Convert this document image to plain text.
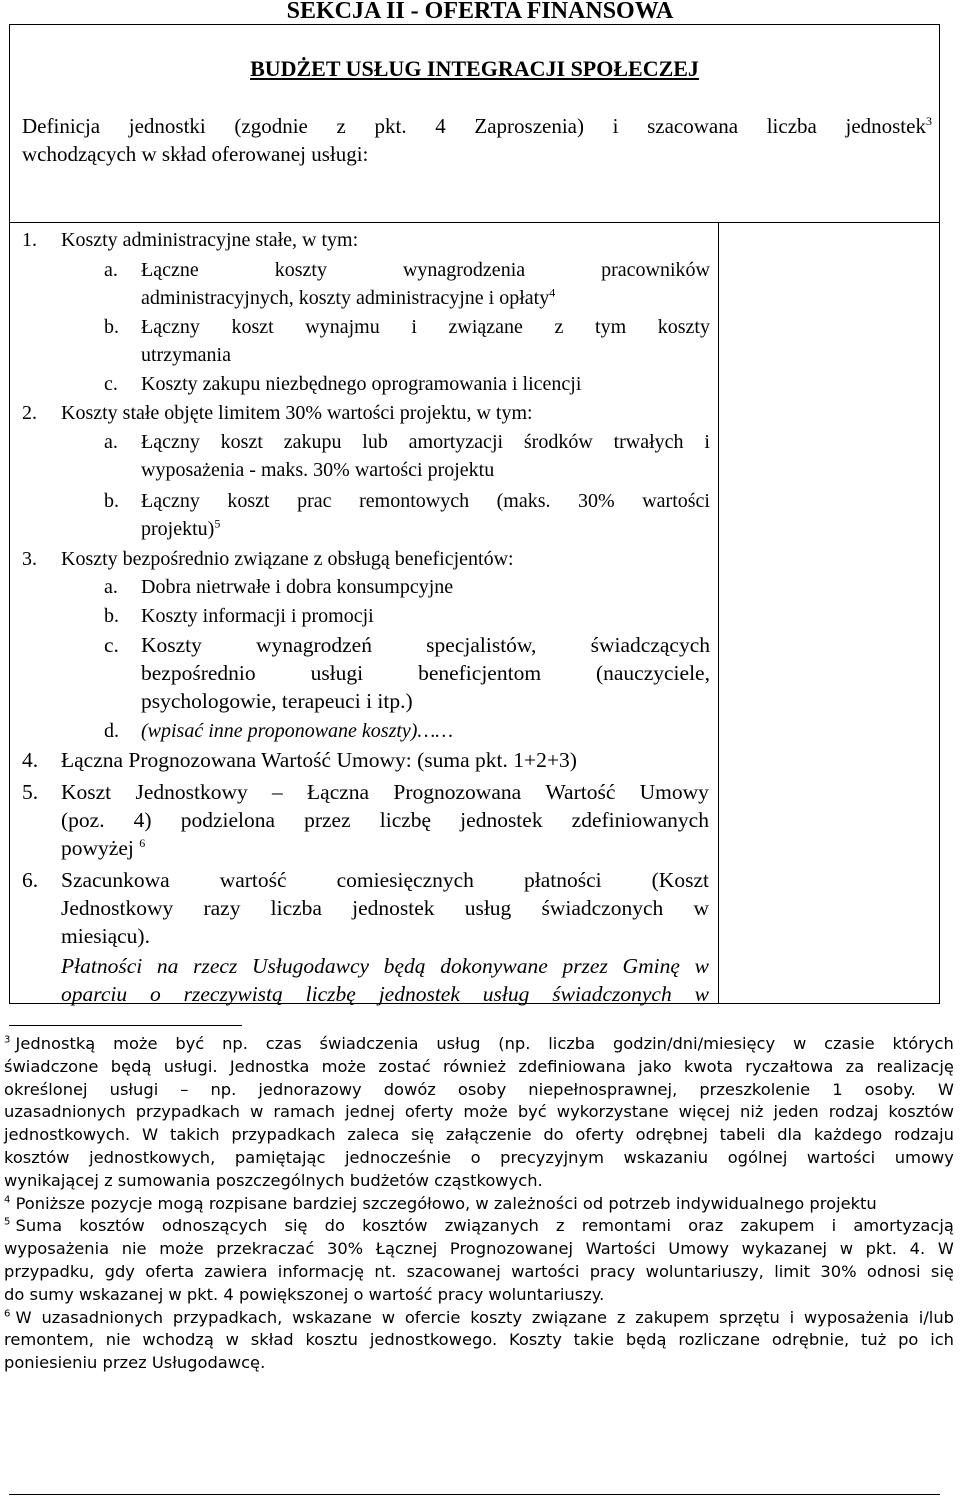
SEKCJA II - OFERTA FINANSOWA
BUDŻET USŁUG INTEGRACJI SPOŁECZEJ
Definicja jednostki (zgodnie z pkt. 4 Zaproszenia) i szacowana liczba jednostek$^3$
wchodzących w skład oferowanej usługi:
1. Koszty administracyjne stałe, w tym:
a. Łączne	koszty	wynagrodzenia	pracowników
administracyjnych, koszty administracyjne i opłaty$^4$
b. Łączny koszt wynajmu i związane z tym koszty
utrzymania
c. Koszty zakupu niezbędnego oprogramowania i licencji
2. Koszty stałe objęte limitem 30% wartości projektu, w tym:
a. Łączny koszt zakupu lub amortyzacji środków trwałych i
wyposażenia - maks. 30% wartości projektu
b. Łączny koszt prac remontowych (maks. 30% wartości
projektu)$^5$
3. Koszty bezpośrednio związane z obsługą beneficjentów:
a. Dobra nietrwałe i dobra konsumpcyjne
b. Koszty informacji i promocji
c. Koszty	wynagrodzeń	specjalistów,	świadczących
bezpośrednio	usługi	beneficjentom	(nauczyciele,
psychologowie, terapeuci i itp.)
d. (wpisać inne proponowane koszty)……
4. Łączna Prognozowana Wartość Umowy: (suma pkt. 1+2+3)
5. Koszt Jednostkowy – Łączna Prognozowana Wartość Umowy
(poz. 4) podzielona przez liczbę jednostek zdefiniowanych
powyżej $^6$
6. Szacunkowa wartość comiesięcznych płatności (Koszt
Jednostkowy razy liczba jednostek usług świadczonych w
miesiącu).
Płatności na rzecz Usługodawcy będą dokonywane przez Gminę w
oparciu o rzeczywistą liczbę jednostek usług świadczonych w
$^3$ Jednostką może być np. czas świadczenia usług (np. liczba godzin/dni/miesięcy w czasie których
świadczone będą usługi. Jednostka może zostać również zdefiniowana jako kwota ryczałtowa za realizację
określonej usługi – np. jednorazowy dowóz osoby niepełnosprawnej, przeszkolenie 1 osoby. W
uzasadnionych przypadkach w ramach jednej oferty może być wykorzystane więcej niż jeden rodzaj kosztów
jednostkowych. W takich przypadkach zaleca się załączenie do oferty odrębnej tabeli dla każdego rodzaju
kosztów jednostkowych, pamiętając jednocześnie o precyzyjnym wskazaniu ogólnej wartości umowy
wynikającej z sumowania poszczególnych budżetów cząstkowych.
$^4$ Poniższe pozycje mogą rozpisane bardziej szczegółowo, w zależności od potrzeb indywidualnego projektu
$^5$ Suma kosztów odnoszących się do kosztów związanych z remontami oraz zakupem i amortyzacją
wyposażenia nie może przekraczać 30% Łącznej Prognozowanej Wartości Umowy wykazanej w pkt. 4. W
przypadku, gdy oferta zawiera informację nt. szacowanej wartości pracy woluntariuszy, limit 30% odnosi się
do sumy wskazanej w pkt. 4 powiększonej o wartość pracy woluntariuszy.
$^6$ W uzasadnionych przypadkach, wskazane w ofercie koszty związane z zakupem sprzętu i wyposażenia i/lub
remontem, nie wchodzą w skład kosztu jednostkowego. Koszty takie będą rozliczane odrębnie, tuż po ich
poniesieniu przez Usługodawcę.
